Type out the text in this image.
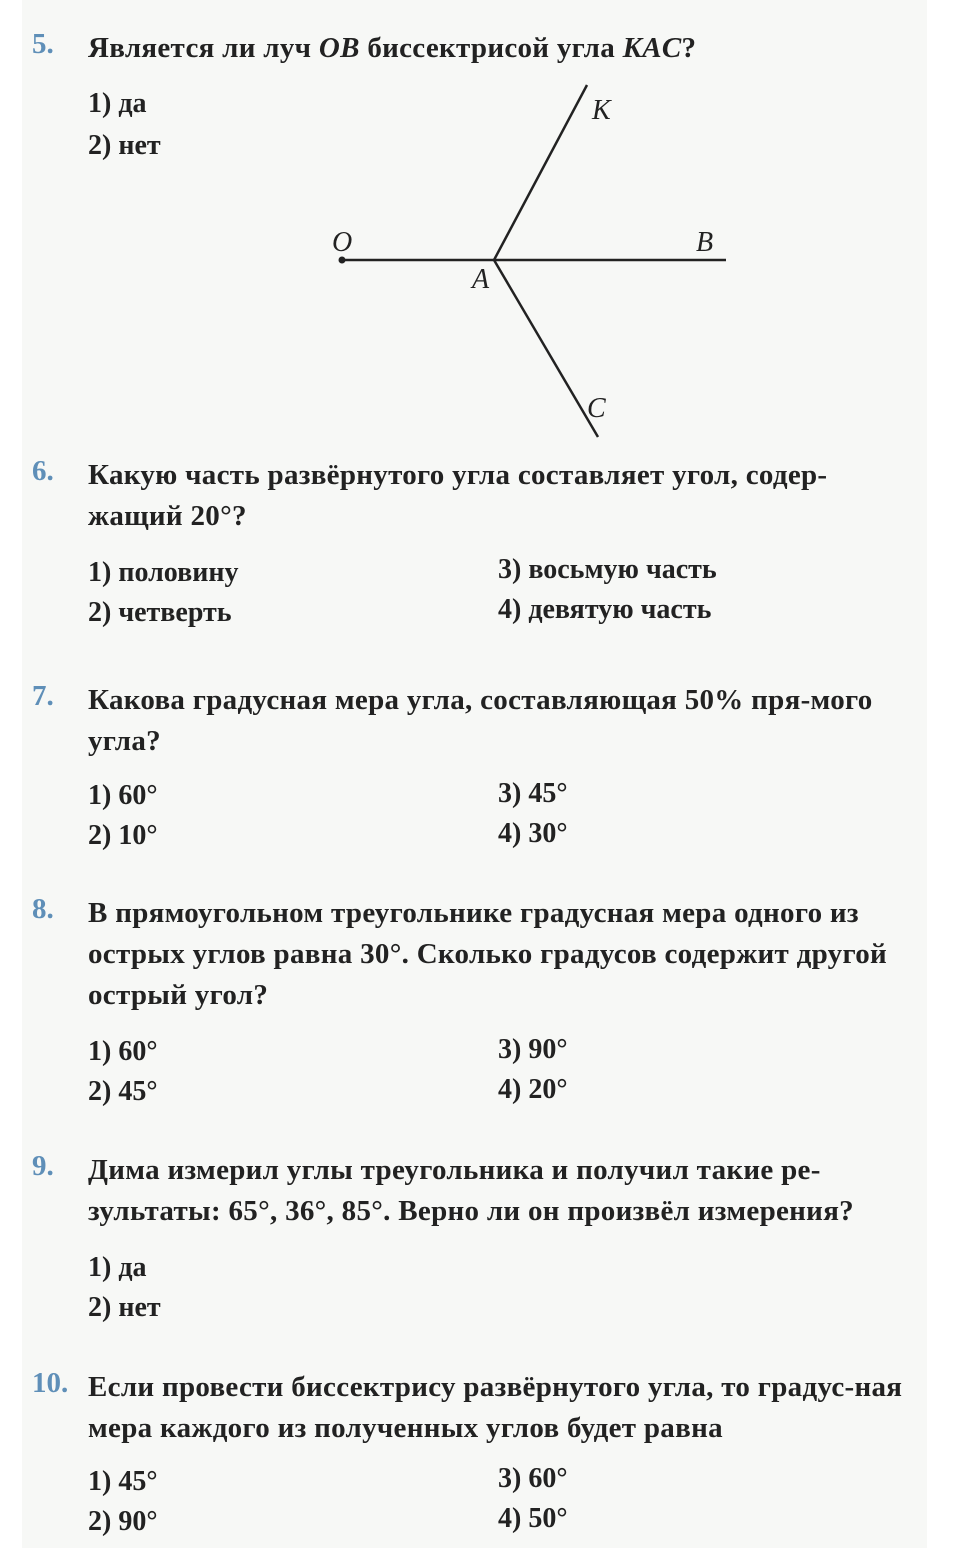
5. Является ли луч OB биссектрисой угла KAC?
1) да
2) нет
O
A
B
K
C
6. Какую часть развёрнутого угла составляет угол, содер-жащий 20°?
1) половину
2) четверть
3) восьмую часть
4) девятую часть
7. Какова градусная мера угла, составляющая 50% пря-мого угла?
1) 60°
2) 10°
3) 45°
4) 30°
8. В прямоугольном треугольнике градусная мера одного из острых углов равна 30°. Сколько градусов содержит другой острый угол?
1) 60°
2) 45°
3) 90°
4) 20°
9. Дима измерил углы треугольника и получил такие ре-зультаты: 65°, 36°, 85°. Верно ли он произвёл измерения?
1) да
2) нет
10. Если провести биссектрису развёрнутого угла, то градус-ная мера каждого из полученных углов будет равна
1) 45°
2) 90°
3) 60°
4) 50°
